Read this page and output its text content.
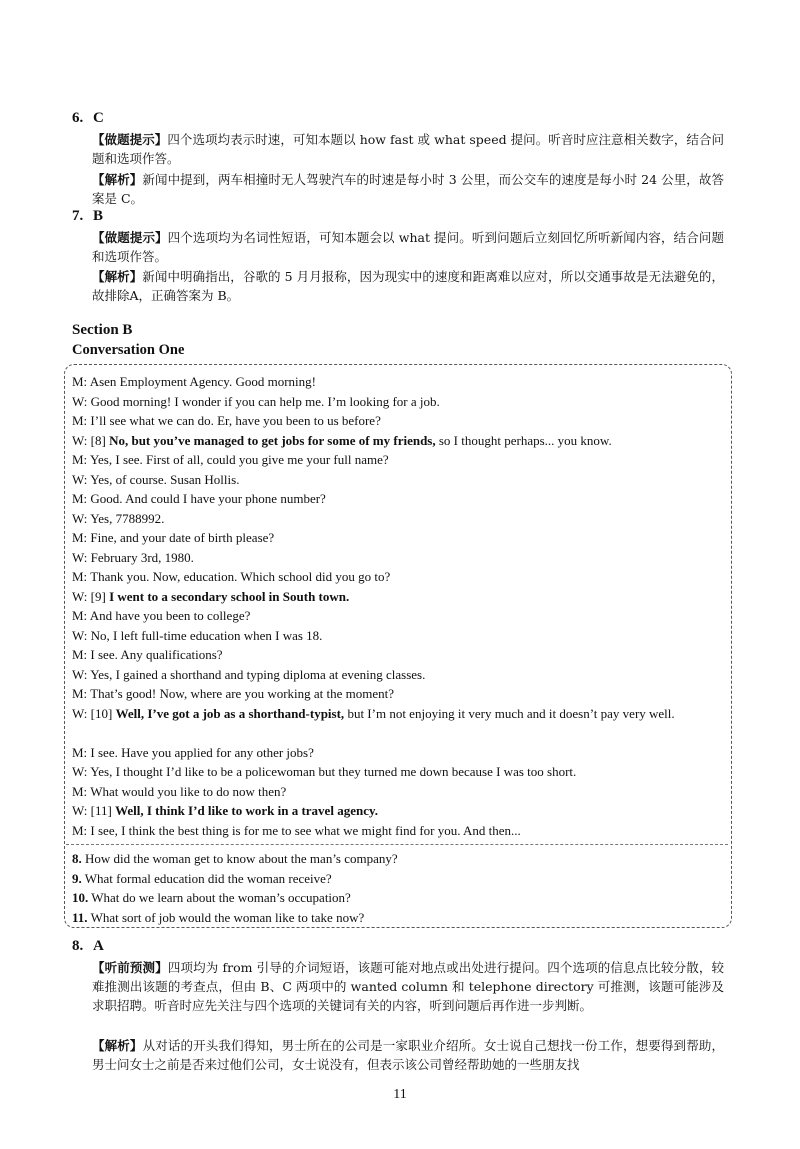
6. C
【做题提示】四个选项均表示时速，可知本题以 how fast 或 what speed 提问。听音时应注意相关数字，结合问题和选项作答。
【解析】新闻中提到，两车相撞时无人驾驶汽车的时速是每小时 3 公里，而公交车的速度是每小时 24 公里，故答案是 C。
7. B
【做题提示】四个选项均为名词性短语，可知本题会以 what 提问。听到问题后立刻回忆所听新闻内容，结合问题和选项作答。
【解析】新闻中明确指出，谷歌的 5 月月报称，因为现实中的速度和距离难以应对，所以交通事故是无法避免的，故排除A，正确答案为 B。
Section B
Conversation One
M: Asen Employment Agency. Good morning!
W: Good morning! I wonder if you can help me. I’m looking for a job.
M: I’ll see what we can do. Er, have you been to us before?
W: [8] No, but you’ve managed to get jobs for some of my friends, so I thought perhaps... you know.
M: Yes, I see. First of all, could you give me your full name?
W: Yes, of course. Susan Hollis.
M: Good. And could I have your phone number?
W: Yes, 7788992.
M: Fine, and your date of birth please?
W: February 3rd, 1980.
M: Thank you. Now, education. Which school did you go to?
W: [9] I went to a secondary school in South town.
M: And have you been to college?
W: No, I left full-time education when I was 18.
M: I see. Any qualifications?
W: Yes, I gained a shorthand and typing diploma at evening classes.
M: That’s good! Now, where are you working at the moment?
W: [10] Well, I’ve got a job as a shorthand-typist, but I’m not enjoying it very much and it doesn’t pay very well.
M: I see. Have you applied for any other jobs?
W: Yes, I thought I’d like to be a policewoman but they turned me down because I was too short.
M: What would you like to do now then?
W: [11] Well, I think I’d like to work in a travel agency.
M: I see, I think the best thing is for me to see what we might find for you. And then...
8. How did the woman get to know about the man’s company?
9. What formal education did the woman receive?
10. What do we learn about the woman’s occupation?
11. What sort of job would the woman like to take now?
8. A
【听前预测】四项均为 from 引导的介词短语，该题可能对地点或出处进行提问。四个选项的信息点比较分散，较难推测出该题的考查点，但由 B、C 两项中的 wanted column 和 telephone directory 可推测，该题可能涉及求职招聘。听音时应先关注与四个选项的关键词有关的内容，听到问题后再作进一步判断。
【解析】从对话的开头我们得知，男士所在的公司是一家职业介绍所。女士说自己想找一份工作，想要得到帮助，男士问女士之前是否来过他们公司，女士说没有，但表示该公司曾经帮助她的一些朋友找
11
